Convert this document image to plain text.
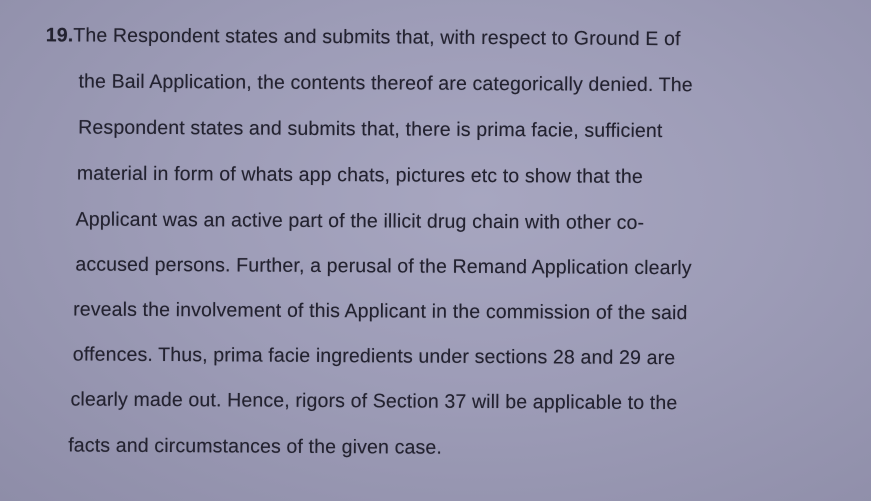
19.The Respondent states and submits that, with respect to Ground E of
the Bail Application, the contents thereof are categorically denied. The
Respondent states and submits that, there is prima facie, sufficient
material in form of whats app chats, pictures etc to show that the
Applicant was an active part of the illicit drug chain with other co-
accused persons. Further, a perusal of the Remand Application clearly
reveals the involvement of this Applicant in the commission of the said
offences. Thus, prima facie ingredients under sections 28 and 29 are
clearly made out. Hence, rigors of Section 37 will be applicable to the
facts and circumstances of the given case.
